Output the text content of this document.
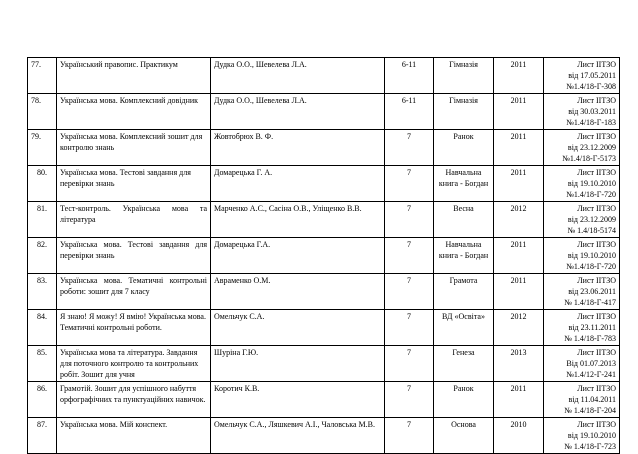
77.	Український правопис. Практикум	Дудка О.О., Шевелева Л.А.	6-11	Гімназія	2011	Лист ІІТЗО
від 17.05.2011
№1.4/18-Г-308

78.	Українська мова. Комплексний довідник	Дудка О.О., Шевелева Л.А.	6-11	Гімназія	2011	Лист ІІТЗО
від 30.03.2011
№1.4/18-Г-183

79.	Українська мова. Комплексний зошит для контролю знань	Жовтобрюх В. Ф.	7	Ранок	2011	Лист ІІТЗО
від 23.12.2009
№1.4/18-Г-5173

80.	Українська мова. Тестові завдання для перевірки знань	Домарецька Г. А.	7	Навчальна книга - Богдан	2011	Лист ІІТЗО
від 19.10.2010
№1.4/18-Г-720

81.	Тест-контроль. Українська мова та література	Марченко А.С., Сасіна О.В., Уліщенко В.В.	7	Весна	2012	Лист ІІТЗО
від 23.12.2009
№ 1.4/18-5174

82.	Українська мова. Тестові завдання для перевірки знань	Домарецька Г.А.	7	Навчальна книга - Богдан	2011	Лист ІІТЗО
від 19.10.2010
№1.4/18-Г-720

83.	Українська мова. Тематичні контрольні роботи: зошит для 7 класу	Авраменко О.М.	7	Грамота	2011	Лист ІІТЗО
від 23.06.2011
№ 1.4/18-Г-417

84.	Я знаю! Я можу! Я вмію! Українська мова. Тематичні контрольні роботи.	Омельчук С.А.	7	ВД «Освіта»	2012	Лист ІІТЗО
від 23.11.2011
№ 1.4/18-Г-783

85.	Українська мова та література. Завдання для поточного контролю та контрольних робіт. Зошит для учня	Шуріна Г.Ю.	7	Генеза	2013	Лист ІІТЗО
Від 01.07.2013
№1.4/12-Г-241

86.	Грамотій. Зошит для успішного набуття орфографічних та пунктуаційних навичок.	Коротич К.В.	7	Ранок	2011	Лист ІІТЗО
від 11.04.2011
№ 1.4/18-Г-204

87.	Українська мова. Мій конспект.	Омельчук С.А., Ляшкевич А.І., Чаловська М.В.	7	Основа	2010	Лист ІІТЗО
від 19.10.2010
№ 1.4/18-Г-723
